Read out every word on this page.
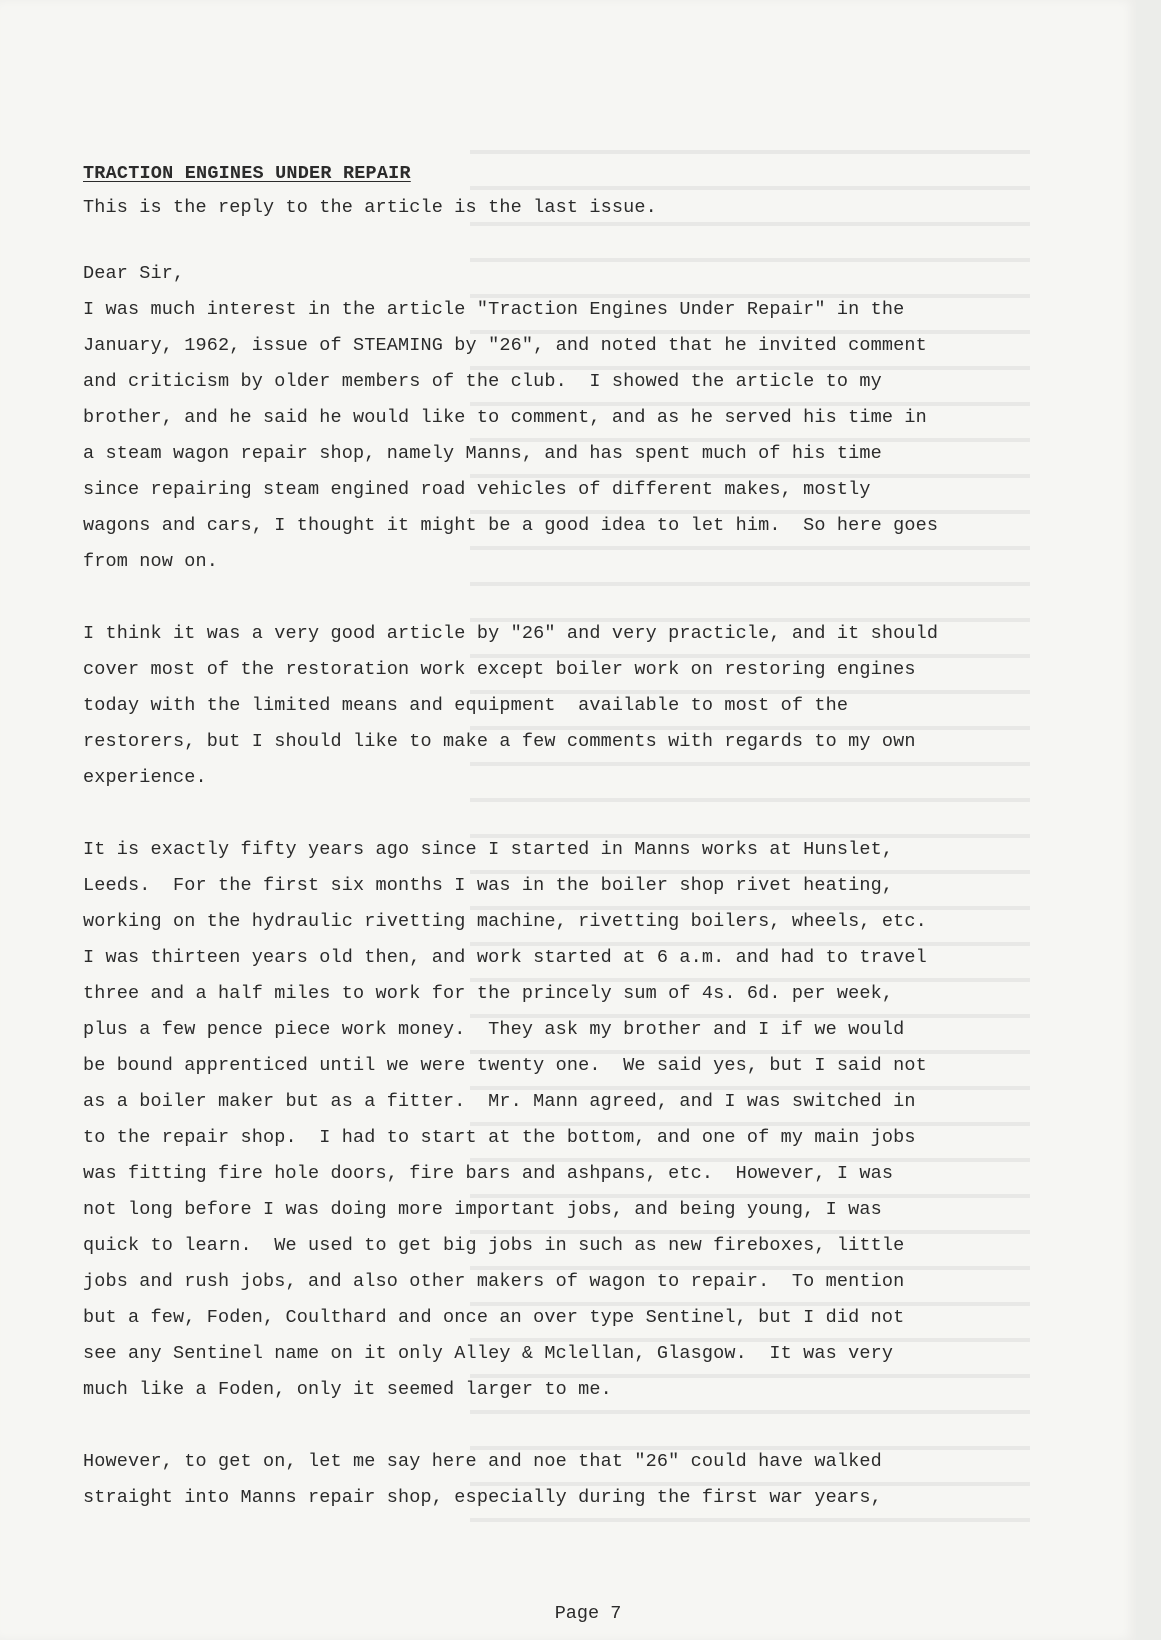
TRACTION ENGINES UNDER REPAIR
This is the reply to the article is the last issue.
Dear Sir,
I was much interest in the article "Traction Engines Under Repair" in the
January, 1962, issue of STEAMING by "26", and noted that he invited comment
and criticism by older members of the club.  I showed the article to my
brother, and he said he would like to comment, and as he served his time in
a steam wagon repair shop, namely Manns, and has spent much of his time
since repairing steam engined road vehicles of different makes, mostly
wagons and cars, I thought it might be a good idea to let him.  So here goes
from now on.
I think it was a very good article by "26" and very practicle, and it should
cover most of the restoration work except boiler work on restoring engines
today with the limited means and equipment  available to most of the
restorers, but I should like to make a few comments with regards to my own
experience.
It is exactly fifty years ago since I started in Manns works at Hunslet,
Leeds.  For the first six months I was in the boiler shop rivet heating,
working on the hydraulic rivetting machine, rivetting boilers, wheels, etc.
I was thirteen years old then, and work started at 6 a.m. and had to travel
three and a half miles to work for the princely sum of 4s. 6d. per week,
plus a few pence piece work money.  They ask my brother and I if we would
be bound apprenticed until we were twenty one.  We said yes, but I said not
as a boiler maker but as a fitter.  Mr. Mann agreed, and I was switched in
to the repair shop.  I had to start at the bottom, and one of my main jobs
was fitting fire hole doors, fire bars and ashpans, etc.  However, I was
not long before I was doing more important jobs, and being young, I was
quick to learn.  We used to get big jobs in such as new fireboxes, little
jobs and rush jobs, and also other makers of wagon to repair.  To mention
but a few, Foden, Coulthard and once an over type Sentinel, but I did not
see any Sentinel name on it only Alley & Mclellan, Glasgow.  It was very
much like a Foden, only it seemed larger to me.
However, to get on, let me say here and noe that "26" could have walked
straight into Manns repair shop, especially during the first war years,
Page 7
